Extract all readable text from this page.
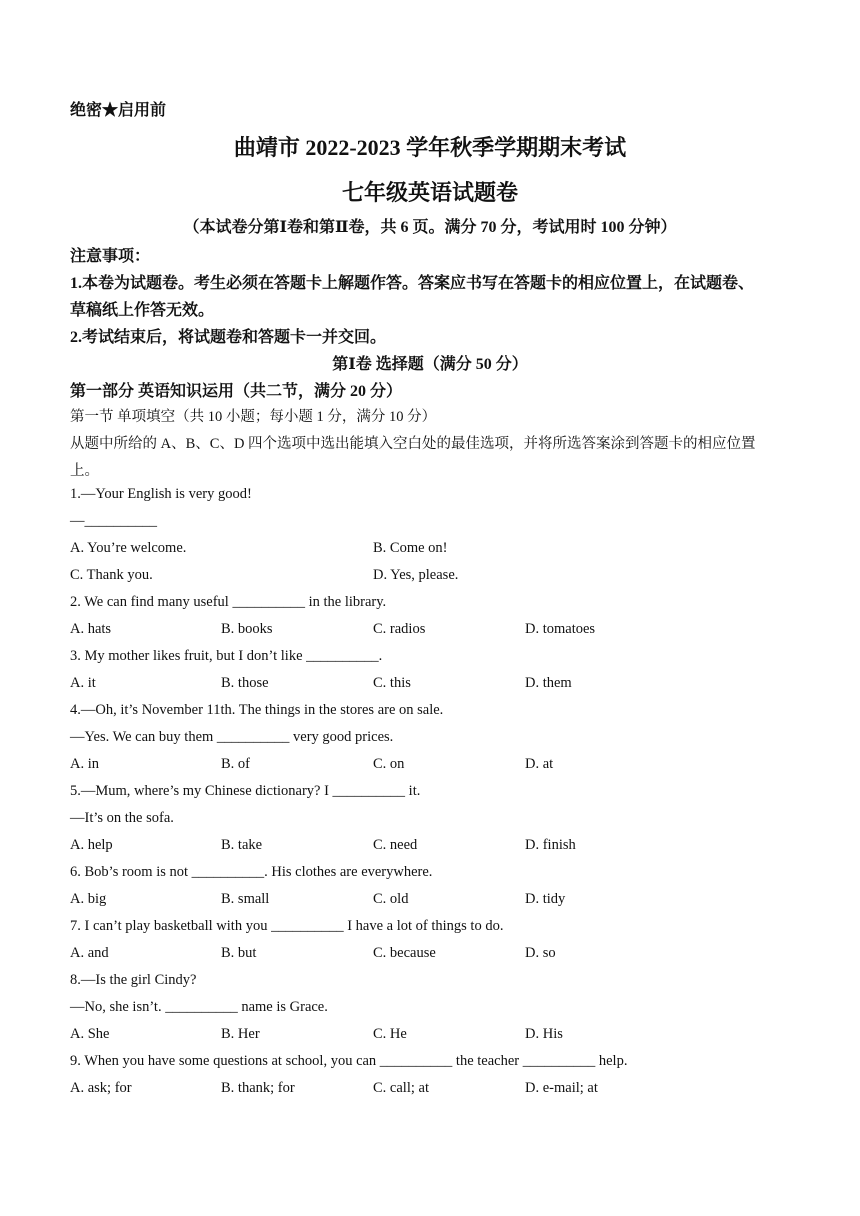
绝密★启用前
曲靖市 2022-2023 学年秋季学期期末考试
七年级英语试题卷
（本试卷分第Ⅰ卷和第Ⅱ卷，共 6 页。满分 70 分，考试用时 100 分钟）
注意事项：
1.本卷为试题卷。考生必须在答题卡上解题作答。答案应书写在答题卡的相应位置上，在试题卷、
草稿纸上作答无效。
2.考试结束后，将试题卷和答题卡一并交回。
第Ⅰ卷 选择题（满分 50 分）
第一部分 英语知识运用（共二节，满分 20 分）
第一节 单项填空（共 10 小题；每小题 1 分，满分 10 分）
从题中所给的 A、B、C、D 四个选项中选出能填入空白处的最佳选项，并将所选答案涂到答题卡的相应位置
上。
1.—Your English is very good!
—__________
A. You’re welcome.	B. Come on!
C. Thank you.	D. Yes, please.
2. We can find many useful __________ in the library.
A. hats	B. books	C. radios	D. tomatoes
3. My mother likes fruit, but I don’t like __________.
A. it	B. those	C. this	D. them
4.—Oh, it’s November 11th. The things in the stores are on sale.
—Yes. We can buy them __________ very good prices.
A. in	B. of	C. on	D. at
5.—Mum, where’s my Chinese dictionary? I __________ it.
—It’s on the sofa.
A. help	B. take	C. need	D. finish
6. Bob’s room is not __________. His clothes are everywhere.
A. big	B. small	C. old	D. tidy
7. I can’t play basketball with you __________ I have a lot of things to do.
A. and	B. but	C. because	D. so
8.—Is the girl Cindy?
—No, she isn’t. __________ name is Grace.
A. She	B. Her	C. He	D. His
9. When you have some questions at school, you can __________ the teacher __________ help.
A. ask; for	B. thank; for	C. call; at	D. e-mail; at
